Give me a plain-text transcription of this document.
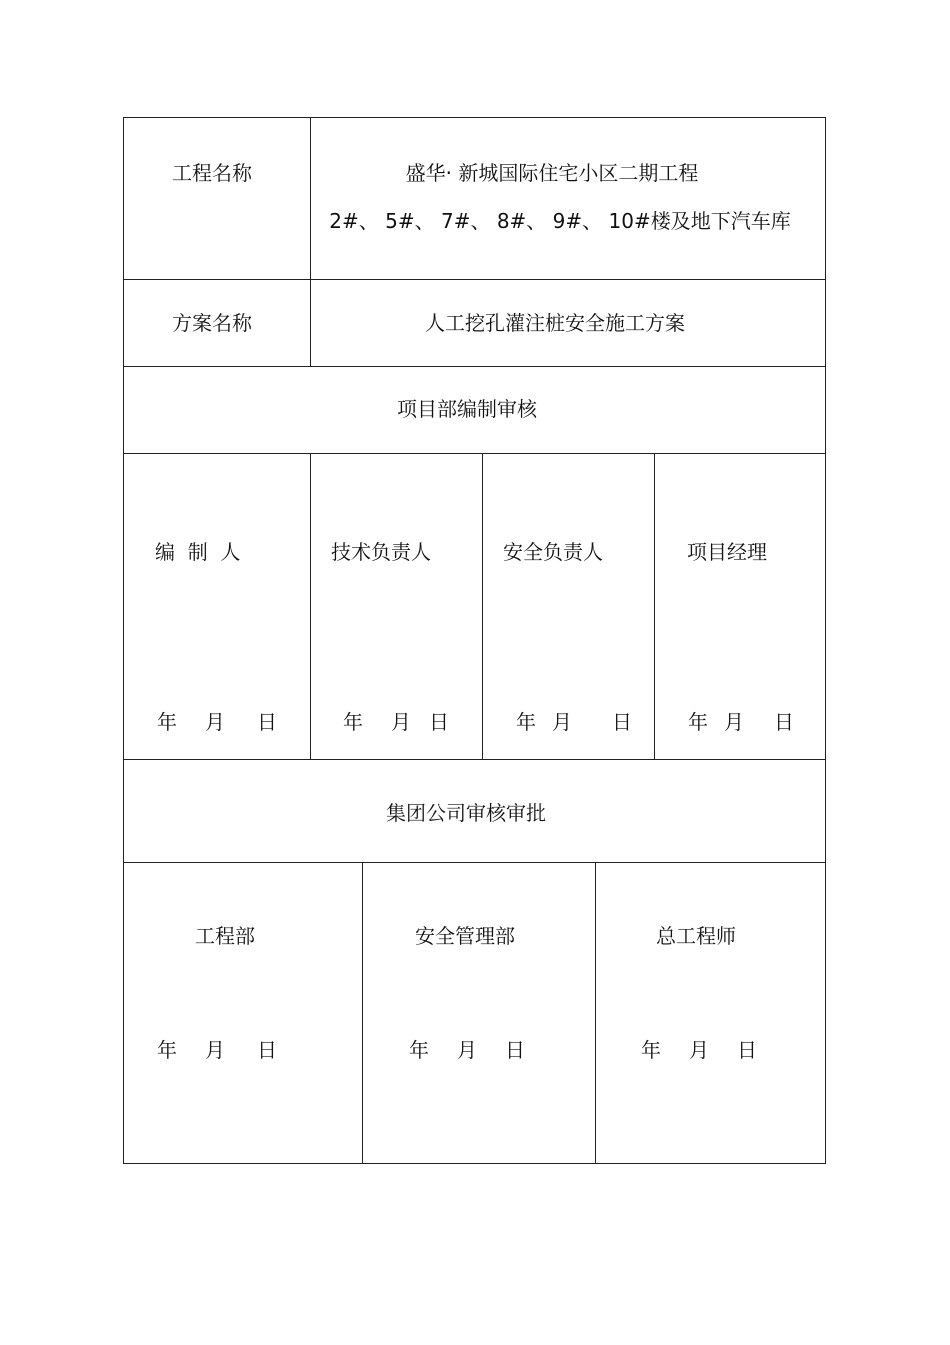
工程名称	盛华· 新城国际住宅小区二期工程
2#、 5#、 7#、 8#、 9#、 10#楼及地下汽车库
方案名称	人工挖孔灌注桩安全施工方案
项目部编制审核
编  制  人	技术负责人	安全负责人	项目经理
年 月 日	年 月 日	年 月 日	年 月 日
集团公司审核审批
工程部	安全管理部	总工程师
年 月 日	年 月 日	年 月 日
